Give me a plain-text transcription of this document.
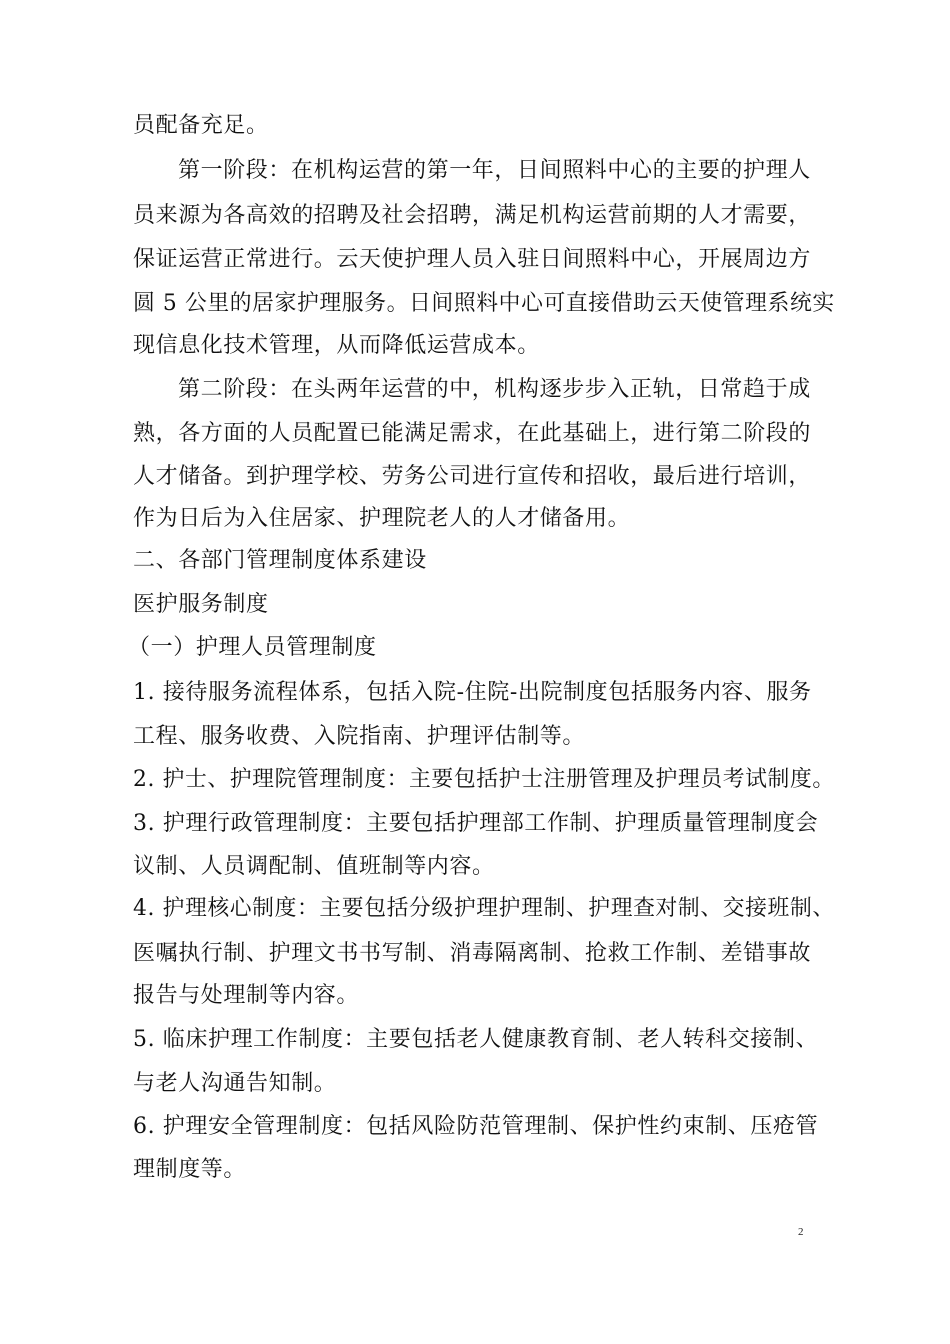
员配备充足。
第一阶段：在机构运营的第一年，日间照料中心的主要的护理人
员来源为各高效的招聘及社会招聘，满足机构运营前期的人才需要，
保证运营正常进行。云天使护理人员入驻日间照料中心，开展周边方
圆 5 公里的居家护理服务。日间照料中心可直接借助云天使管理系统实
现信息化技术管理，从而降低运营成本。
第二阶段：在头两年运营的中，机构逐步步入正轨，日常趋于成
熟，各方面的人员配置已能满足需求，在此基础上，进行第二阶段的
人才储备。到护理学校、劳务公司进行宣传和招收，最后进行培训，
作为日后为入住居家、护理院老人的人才储备用。
二、各部门管理制度体系建设
医护服务制度
（一）护理人员管理制度
1. 接待服务流程体系，包括入院-住院-出院制度包括服务内容、服务
工程、服务收费、入院指南、护理评估制等。
2. 护士、护理院管理制度：主要包括护士注册管理及护理员考试制度。
3. 护理行政管理制度：主要包括护理部工作制、护理质量管理制度会
议制、人员调配制、值班制等内容。
4. 护理核心制度：主要包括分级护理护理制、护理查对制、交接班制、
医嘱执行制、护理文书书写制、消毒隔离制、抢救工作制、差错事故
报告与处理制等内容。
5. 临床护理工作制度：主要包括老人健康教育制、老人转科交接制、
与老人沟通告知制。
6. 护理安全管理制度：包括风险防范管理制、保护性约束制、压疮管
理制度等。
2
